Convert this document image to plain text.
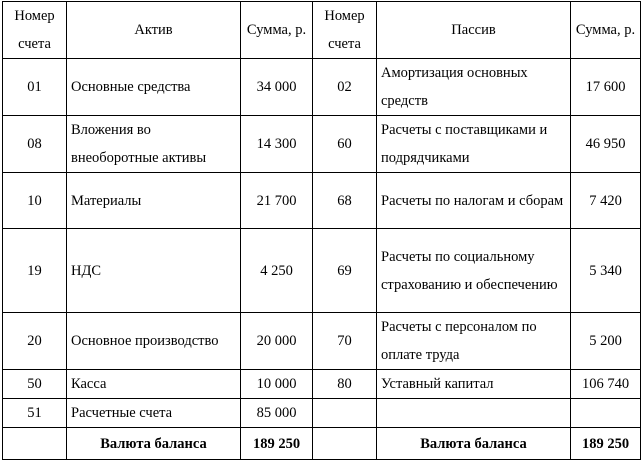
Номер счета	Актив	Сумма, р.	Номер счета	Пассив	Сумма, р.
01	Основные средства	34 000	02	Амортизация основных средств	17 600
08	Вложения во внеоборотные активы	14 300	60	Расчеты с поставщиками и подрядчиками	46 950
10	Материалы	21 700	68	Расчеты по налогам и сборам	7 420
19	НДС	4 250	69	Расчеты по социальному страхованию и обеспечению	5 340
20	Основное производство	20 000	70	Расчеты с персоналом по оплате труда	5 200
50	Касса	10 000	80	Уставный капитал	106 740
51	Расчетные счета	85 000			
	Валюта баланса	189 250		Валюта баланса	189 250
